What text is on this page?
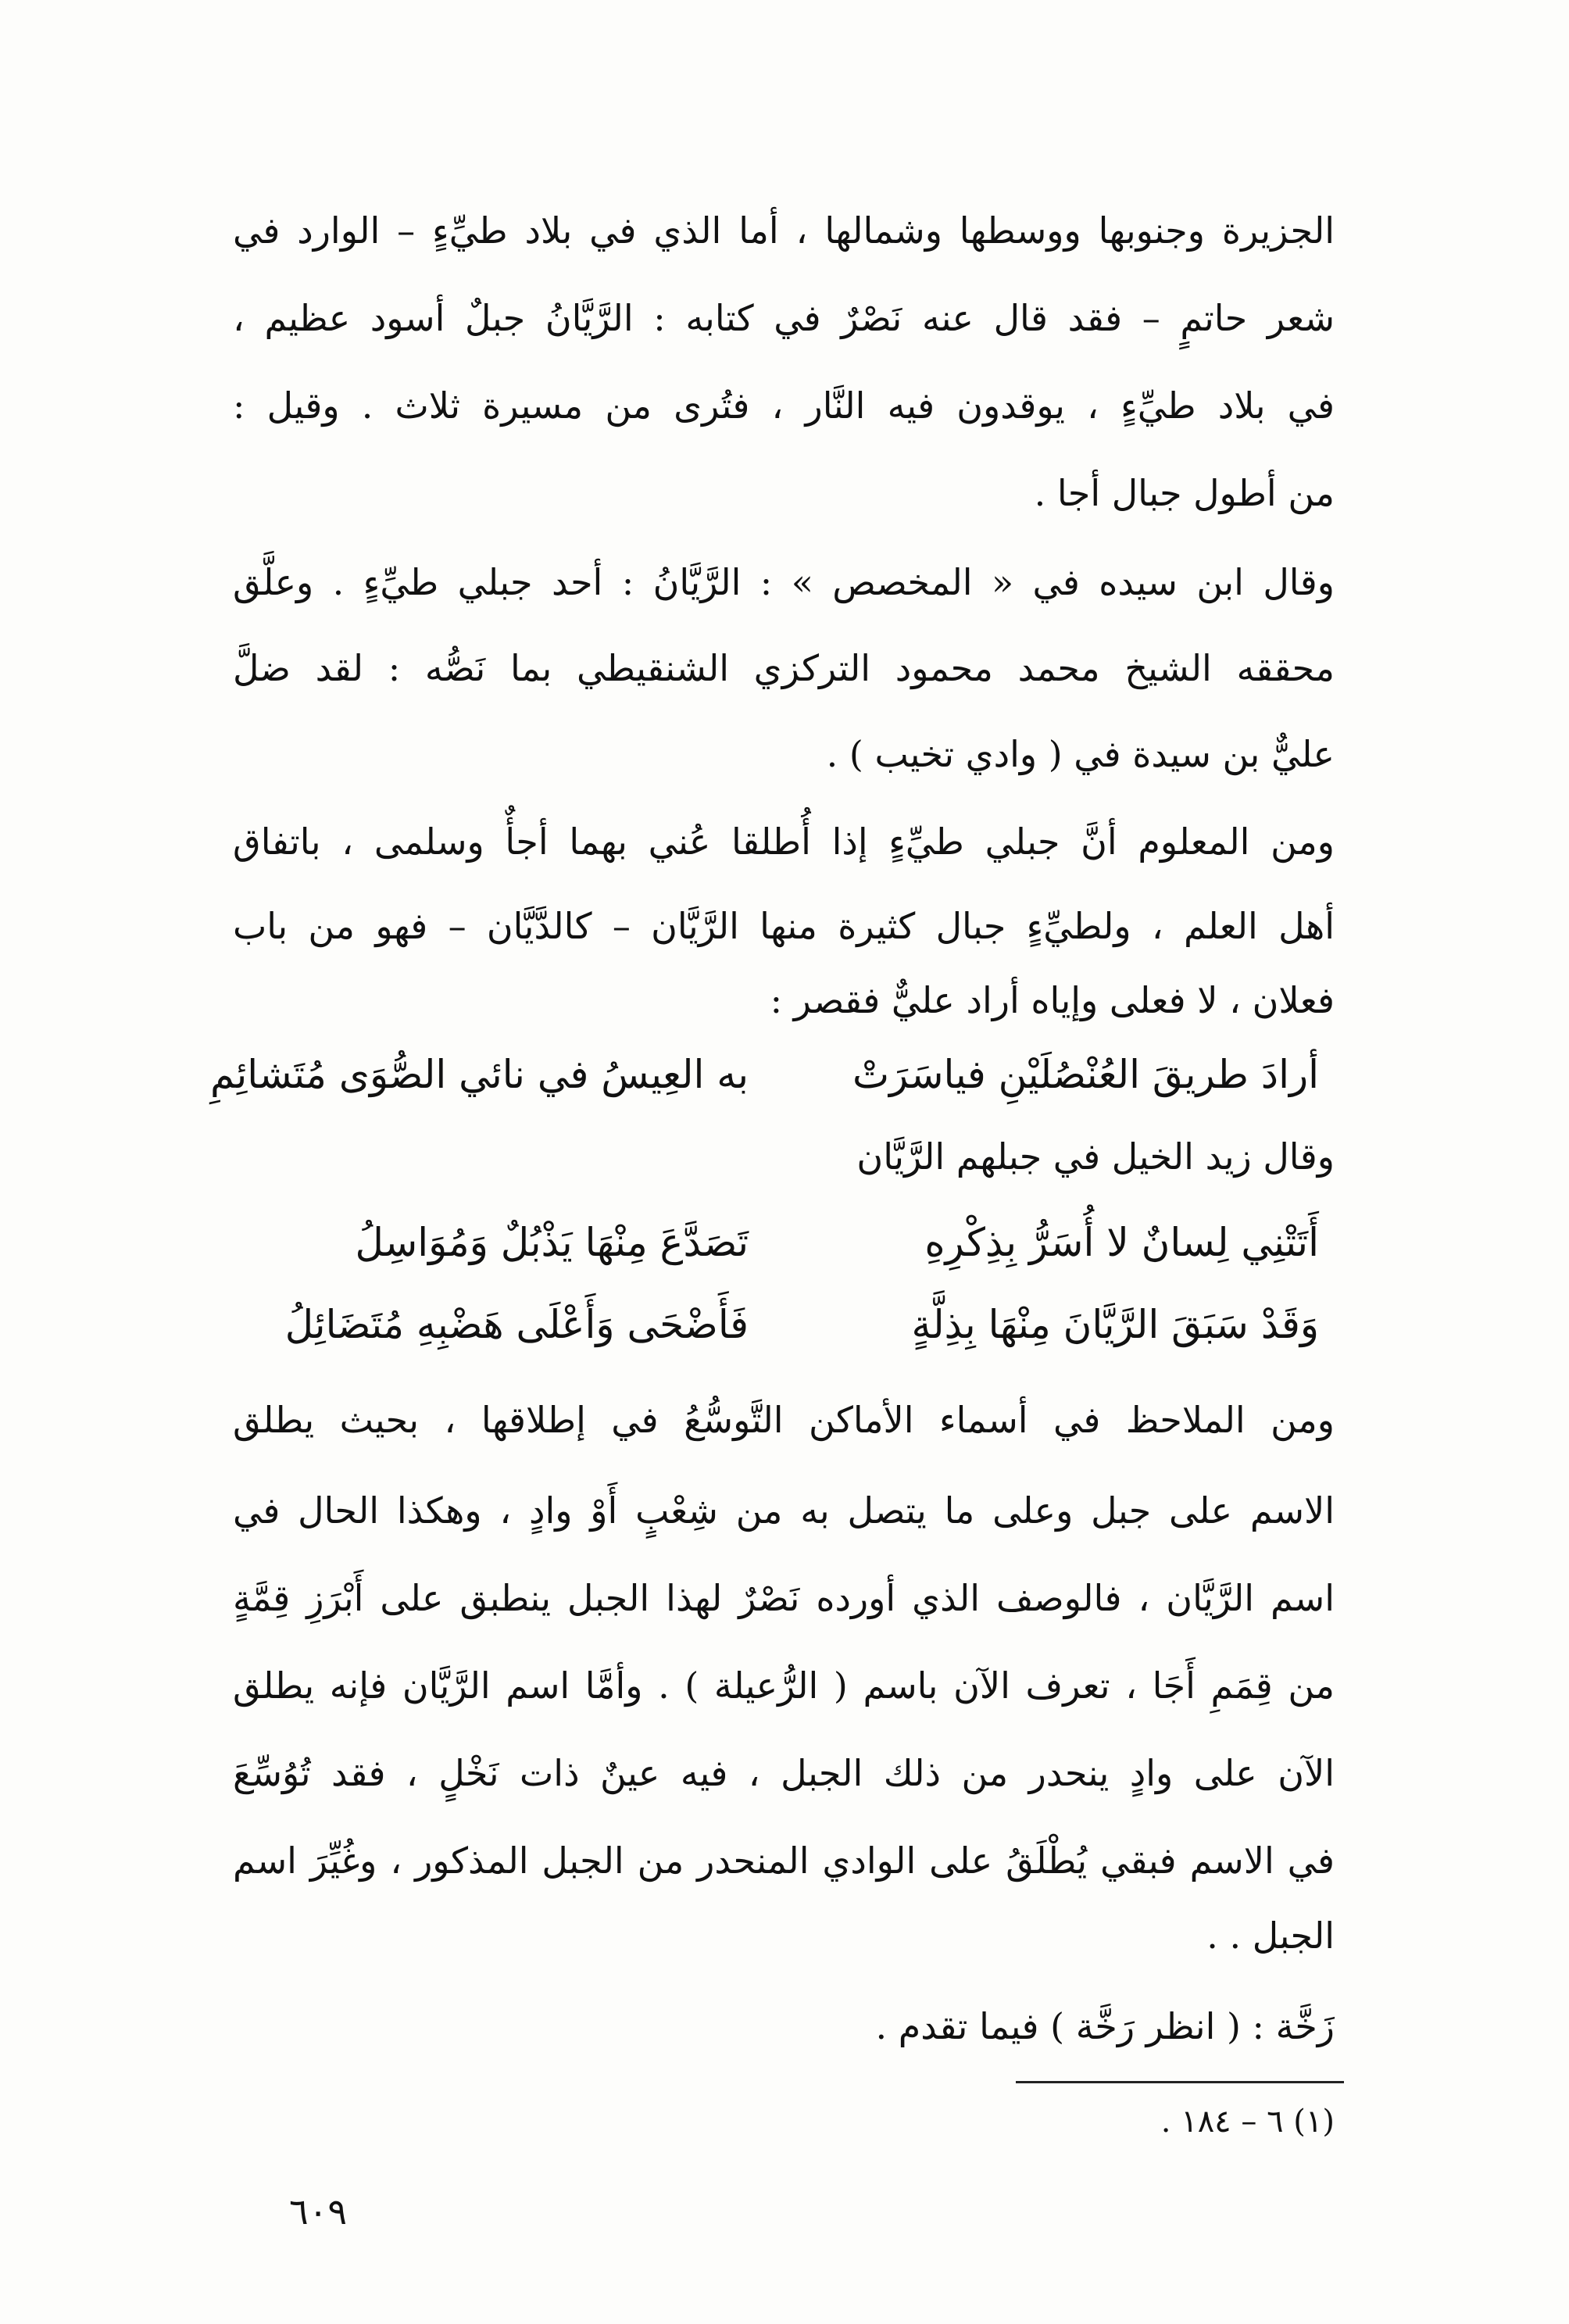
الجزيرة وجنوبها ووسطها وشمالها ، أما الذي في بلاد طيِّءٍ – الوارد في
شعر حاتمٍ – فقد قال عنه نَصْرٌ في كتابه : الرَّيَّانُ جبلٌ أسود عظيم ،
في بلاد طيِّءٍ ، يوقدون فيه النَّار ، فتُرى من مسيرة ثلاث . وقيل :
من أطول جبال أجا .
وقال ابن سيده في « المخصص » : الرَّيَّانُ : أحد جبلي طيِّءٍ . وعلَّق
محققه الشيخ محمد محمود التركزي الشنقيطي بما نَصُّه : لقد ضلَّ
عليٌّ بن سيدة في ( وادي تخيب ) .
ومن المعلوم أنَّ جبلي طيِّءٍ إذا أُطلقا عُني بهما أجأٌ وسلمى ، باتفاق
أهل العلم ، ولطيِّءٍ جبال كثيرة منها الرَّيَّان – كالدَّيَّان – فهو من باب
فعلان ، لا فعلى وإياه أراد عليٌّ فقصر :
أرادَ طريقَ العُنْصُلَيْنِ فياسَرَتْ
به العِيسُ في نائي الصُّوَى مُتَشائِمِ
وقال زيد الخيل في جبلهم الرَّيَّان
أَتَتْنِي لِسانٌ لا أُسَرُّ بِذِكْرِهِ
تَصَدَّعَ مِنْهَا يَذْبُلٌ وَمُوَاسِلُ
وَقَدْ سَبَقَ الرَّيَّانَ مِنْهَا بِذِلَّةٍ
فَأَضْحَى وَأَعْلَى هَضْبِهِ مُتَضَائِلُ
ومن الملاحظ في أسماء الأماكن التَّوسُّعُ في إطلاقها ، بحيث يطلق
الاسم على جبل وعلى ما يتصل به من شِعْبٍ أَوْ وادٍ ، وهكذا الحال في
اسم الرَّيَّان ، فالوصف الذي أورده نَصْرٌ لهذا الجبل ينطبق على أَبْرَزِ قِمَّةٍ
من قِمَمِ أَجَا ، تعرف الآن باسم ( الرُّعيلة ) . وأمَّا اسم الرَّيَّان فإنه يطلق
الآن على وادٍ ينحدر من ذلك الجبل ، فيه عينٌ ذات نَخْلٍ ، فقد تُوُسِّعَ
في الاسم فبقي يُطْلَقُ على الوادي المنحدر من الجبل المذكور ، وغُيِّرَ اسم
الجبل . .
زَخَّة : ( انظر رَخَّة ) فيما تقدم .
(١) ٦ – ١٨٤ .
٦٠٩
